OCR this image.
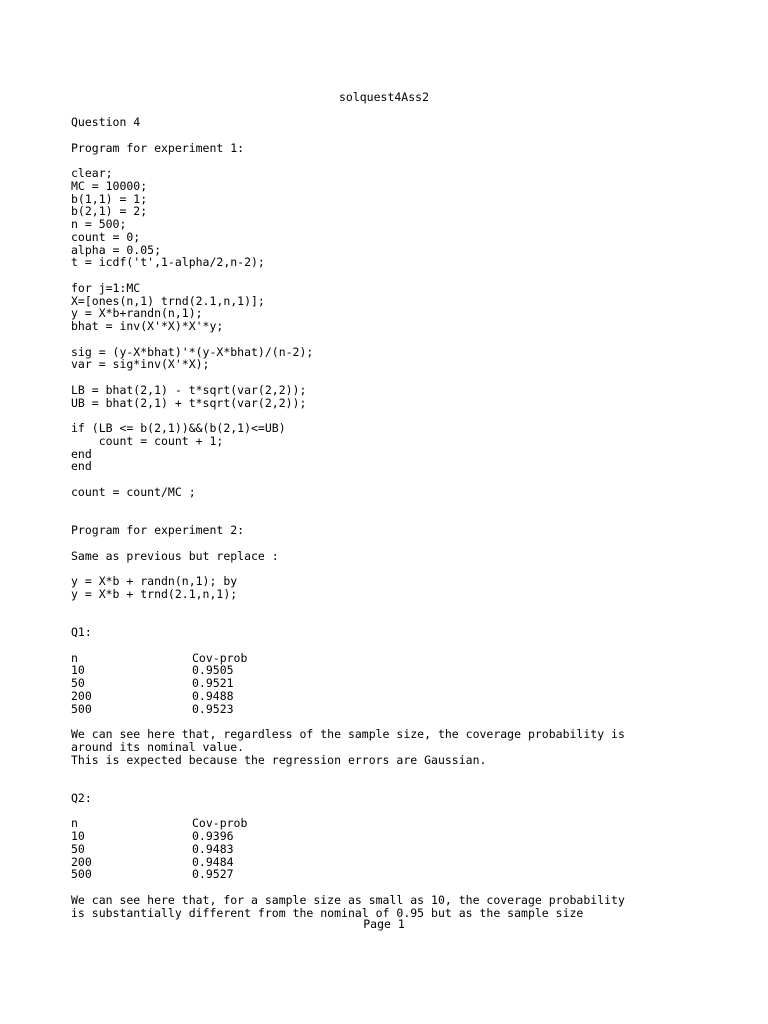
solquest4Ass2
Question 4
Program for experiment 1:
clear;
MC = 10000;
b(1,1) = 1;
b(2,1) = 2;
n = 500;
count = 0;
alpha = 0.05;
t = icdf('t',1-alpha/2,n-2);
for j=1:MC
X=[ones(n,1) trnd(2.1,n,1)];
y = X*b+randn(n,1);
bhat = inv(X'*X)*X'*y;
sig = (y-X*bhat)'*(y-X*bhat)/(n-2);
var = sig*inv(X'*X);
LB = bhat(2,1) - t*sqrt(var(2,2));
UB = bhat(2,1) + t*sqrt(var(2,2));
if (LB <= b(2,1))&&(b(2,1)<=UB)
count = count + 1;
end
end
count = count/MC ;
Program for experiment 2:
Same as previous but replace :
y = X*b + randn(n,1); by
y = X*b + trnd(2.1,n,1);
Q1:
n	Cov-prob
10	0.9505
50	0.9521
200	0.9488
500	0.9523
We can see here that, regardless of the sample size, the coverage probability is
around its nominal value.
This is expected because the regression errors are Gaussian.
Q2:
n	Cov-prob
10	0.9396
50	0.9483
200	0.9484
500	0.9527
We can see here that, for a sample size as small as 10, the coverage probability
is substantially different from the nominal of 0.95 but as the sample size
Page 1
